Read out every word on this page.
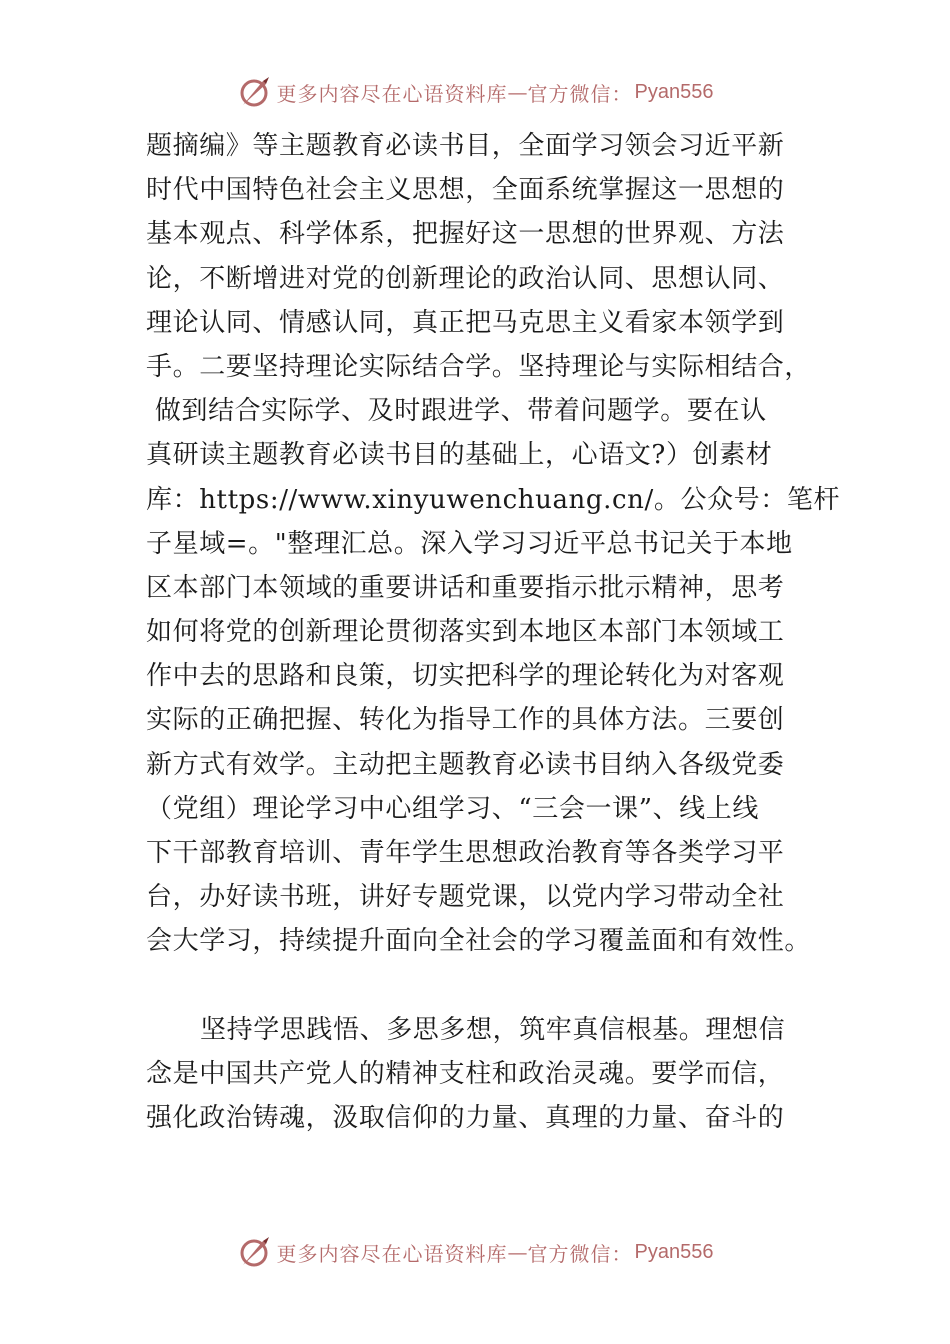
更多内容尽在心语资料库 — 官方微信： Pyan556
题摘编》等主题教育必读书目，全面学习领会习近平新
时代中国特色社会主义思想，全面系统掌握这一思想的
基本观点、科学体系，把握好这一思想的世界观、方法
论，不断增进对党的创新理论的政治认同、思想认同、
理论认同、情感认同，真正把马克思主义看家本领学到
手。二要坚持理论实际结合学。坚持理论与实际相结合，
做到结合实际学、及时跟进学、带着问题学。要在认
真研读主题教育必读书目的基础上，心语文?）创素材
库：https://www.xinyuwenchuang.cn/。公众号：笔杆
子星域=。"整理汇总。深入学习习近平总书记关于本地
区本部门本领域的重要讲话和重要指示批示精神，思考
如何将党的创新理论贯彻落实到本地区本部门本领域工
作中去的思路和良策，切实把科学的理论转化为对客观
实际的正确把握、转化为指导工作的具体方法。三要创
新方式有效学。主动把主题教育必读书目纳入各级党委
（党组）理论学习中心组学习、“三会一课”、线上线
下干部教育培训、青年学生思想政治教育等各类学习平
台，办好读书班，讲好专题党课，以党内学习带动全社
会大学习，持续提升面向全社会的学习覆盖面和有效性。
坚持学思践悟、多思多想，筑牢真信根基。理想信
念是中国共产党人的精神支柱和政治灵魂。要学而信，
强化政治铸魂，汲取信仰的力量、真理的力量、奋斗的
更多内容尽在心语资料库 — 官方微信： Pyan556
